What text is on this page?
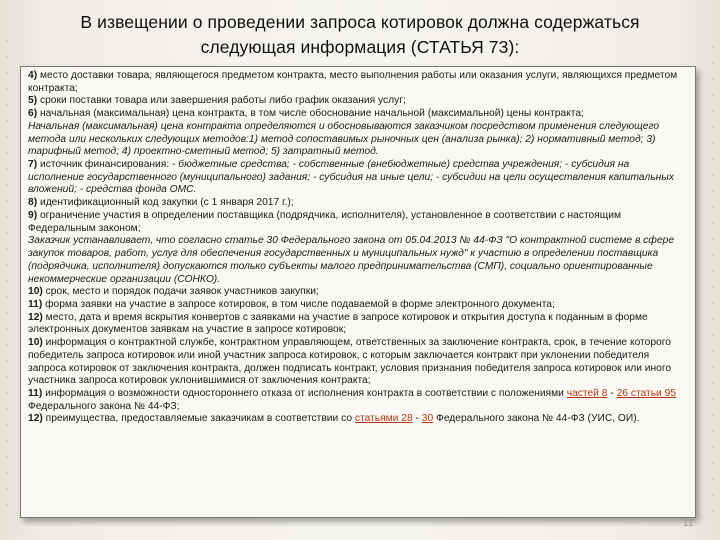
В извещении о проведении запроса котировок должна содержаться
следующая информация (СТАТЬЯ 73):

4) место доставки товара, являющегося предметом контракта, место выполнения работы или оказания услуги, являющихся предметом контракта;

5) сроки поставки товара или завершения работы либо график оказания услуг;

6) начальная (максимальная) цена контракта, в том числе обоснование начальной (максимальной) цены контракта;

Начальная (максимальная) цена контракта определяются и обосновываются заказчиком посредством применения следующего метода или нескольких следующих методов:1) метод сопоставимых рыночных цен (анализа рынка); 2) нормативный метод; 3) тарифный метод; 4) проектно-сметный метод; 5) затратный метод.

7) источник финансирования: - бюджетные средства; - собственные (внебюджетные) средства учреждения; - субсидия на исполнение государственного (муниципального) задания; - субсидия на иные цели; - субсидии на цели осуществления капитальных вложений; - средства фонда ОМС.

8) идентификационный код закупки (с 1 января 2017 г.);

9) ограничение участия в определении поставщика (подрядчика, исполнителя), установленное в соответствии с настоящим Федеральным законом;

Заказчик устанавливает, что согласно статье 30 Федерального закона от 05.04.2013 № 44-ФЗ "О контрактной системе в сфере закупок товаров, работ, услуг для обеспечения государственных и муниципальных нужд" к участию в определении поставщика (подрядчика, исполнителя) допускаются только субъекты малого предпринимательства (СМП), социально ориентированные некоммерческие организации (СОНКО).

10) срок, место и порядок подачи заявок участников закупки;

11) форма заявки на участие в запросе котировок, в том числе подаваемой в форме электронного документа;

12) место, дата и время вскрытия конвертов с заявками на участие в запросе котировок и открытия доступа к поданным в форме электронных документов заявкам на участие в запросе котировок;

10) информация о контрактной службе, контрактном управляющем, ответственных за заключение контракта, срок, в течение которого победитель запроса котировок или иной участник запроса котировок, с которым заключается контракт при уклонении победителя запроса котировок от заключения контракта, должен подписать контракт, условия признания победителя запроса котировок или иного участника запроса котировок уклонившимися от заключения контракта;

11) информация о возможности одностороннего отказа от исполнения контракта в соответствии с положениями частей 8 - 26 статьи 95 Федерального закона № 44-ФЗ;

12) преимущества, предоставляемые заказчикам в соответствии со статьями 28 - 30 Федерального закона № 44-ФЗ (УИС, ОИ).

11
